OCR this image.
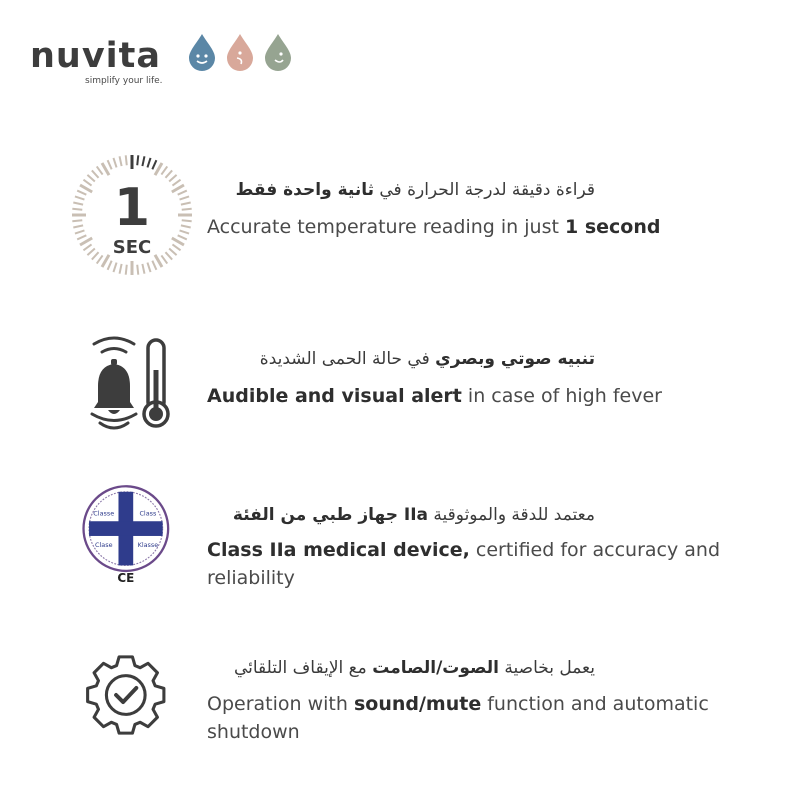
nuvita
simplify your life.
1
SEC
قراءة دقيقة لدرجة الحرارة في ثانية واحدة فقط
Accurate temperature reading in just 1 second
تنبيه صوتي وبصري في حالة الحمى الشديدة
Audible and visual alert in case of high fever
Classe	Class
Clase	Klasse
CE
معتمد للدقة والموثوقية IIa جهاز طبي من الفئة
Class IIa medical device, certified for accuracy and reliability
يعمل بخاصية الصوت/الصامت مع الإيقاف التلقائي
Operation with sound/mute function and automatic shutdown
